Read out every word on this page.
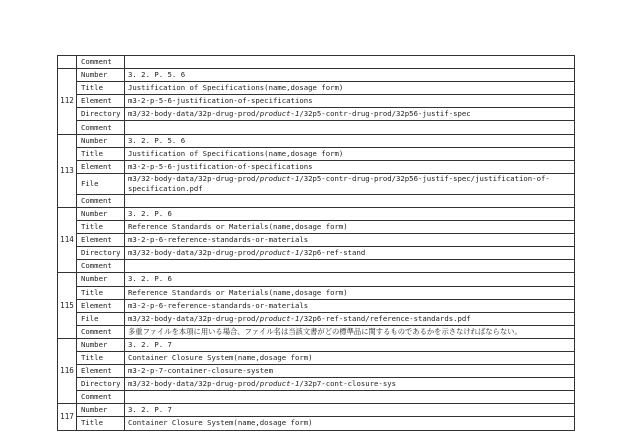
	Comment	
112	Number	3. 2. P. 5. 6
	Title	Justification of Specifications(name,dosage form)
	Element	m3-2-p-5-6-justification-of-specifications
	Directory	m3/32-body-data/32p-drug-prod/product-1/32p5-contr-drug-prod/32p56-justif-spec
	Comment	
113	Number	3. 2. P. 5. 6
	Title	Justification of Specifications(name,dosage form)
	Element	m3-2-p-5-6-justification-of-specifications
	File	m3/32-body-data/32p-drug-prod/product-1/32p5-contr-drug-prod/32p56-justif-spec/justification-of-specification.pdf
	Comment	
114	Number	3. 2. P. 6
	Title	Reference Standards or Materials(name,dosage form)
	Element	m3-2-p-6-reference-standards-or-materials
	Directory	m3/32-body-data/32p-drug-prod/product-1/32p6-ref-stand
	Comment	
115	Number	3. 2. P. 6
	Title	Reference Standards or Materials(name,dosage form)
	Element	m3-2-p-6-reference-standards-or-materials
	File	m3/32-body-data/32p-drug-prod/product-1/32p6-ref-stand/reference-standards.pdf
	Comment	多重ファイルを本項に用いる場合、ファイル名は当該文書がどの標準品に関するものであるかを示さなければならない。
116	Number	3. 2. P. 7
	Title	Container Closure System(name,dosage form)
	Element	m3-2-p-7-container-closure-system
	Directory	m3/32-body-data/32p-drug-prod/product-1/32p7-cont-closure-sys
	Comment	
117	Number	3. 2. P. 7
	Title	Container Closure System(name,dosage form)
